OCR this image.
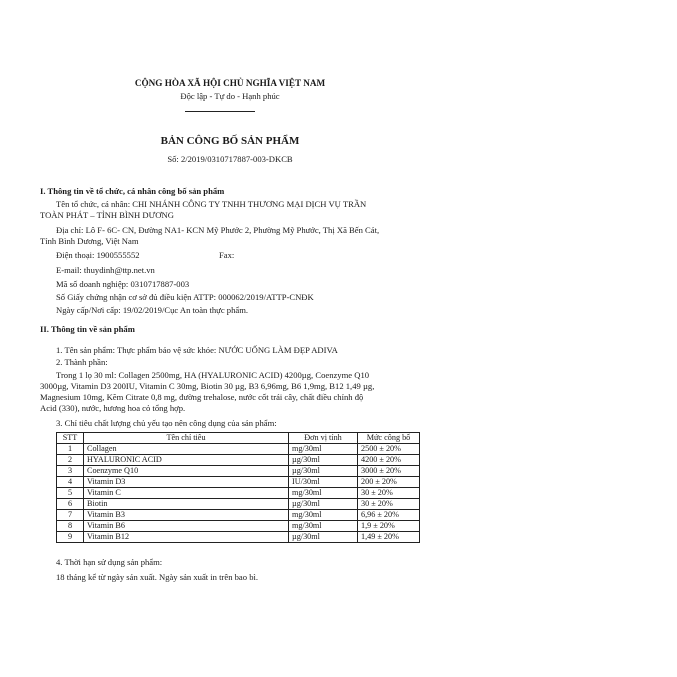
CỘNG HÒA XÃ HỘI CHỦ NGHĨA VIỆT NAM
Độc lập - Tự do - Hạnh phúc
BẢN CÔNG BỐ SẢN PHẨM
Số: 2/2019/0310717887-003-DKCB
I. Thông tin về tổ chức, cá nhân công bố sản phẩm
Tên tổ chức, cá nhân: CHI NHÁNH CÔNG TY TNHH THƯƠNG MẠI DỊCH VỤ TRẦN
TOÀN PHÁT – TỈNH BÌNH DƯƠNG
Địa chỉ: Lô F- 6C- CN, Đường NA1- KCN Mỹ Phước 2, Phường Mỹ Phước, Thị Xã Bến Cát,
Tỉnh Bình Dương, Việt Nam
Điện thoại: 1900555552	Fax:
E-mail: thuydinh@ttp.net.vn
Mã số doanh nghiệp: 0310717887-003
Số Giấy chứng nhận cơ sở đủ điều kiện ATTP: 000062/2019/ATTP-CNĐK
Ngày cấp/Nơi cấp: 19/02/2019/Cục An toàn thực phẩm.
II. Thông tin về sản phẩm
1. Tên sản phẩm: Thực phẩm bảo vệ sức khỏe: NƯỚC UỐNG LÀM ĐẸP ADIVA
2. Thành phần:
Trong 1 lọ 30 ml: Collagen 2500mg, HA (HYALURONIC ACID) 4200µg, Coenzyme Q10
3000µg, Vitamin D3 200IU, Vitamin C 30mg, Biotin 30 µg, B3 6,96mg, B6 1,9mg, B12 1,49 µg,
Magnesium 10mg, Kẽm Citrate 0,8 mg, đường trehalose, nước cốt trái cây, chất điều chỉnh độ
Acid (330), nước, hương hoa cỏ tổng hợp.
3. Chỉ tiêu chất lượng chủ yếu tạo nên công dụng của sản phẩm:
STT	Tên chỉ tiêu	Đơn vị tính	Mức công bố
1	Collagen	mg/30ml	2500 ± 20%
2	HYALURONIC ACID	µg/30ml	4200 ± 20%
3	Coenzyme Q10	µg/30ml	3000 ± 20%
4	Vitamin D3	IU/30ml	200 ± 20%
5	Vitamin C	mg/30ml	30 ± 20%
6	Biotin	µg/30ml	30 ± 20%
7	Vitamin B3	mg/30ml	6,96 ± 20%
8	Vitamin B6	mg/30ml	1,9 ± 20%
9	Vitamin B12	µg/30ml	1,49 ± 20%
4. Thời hạn sử dụng sản phẩm:
18 tháng kể từ ngày sản xuất. Ngày sản xuất in trên bao bì.
